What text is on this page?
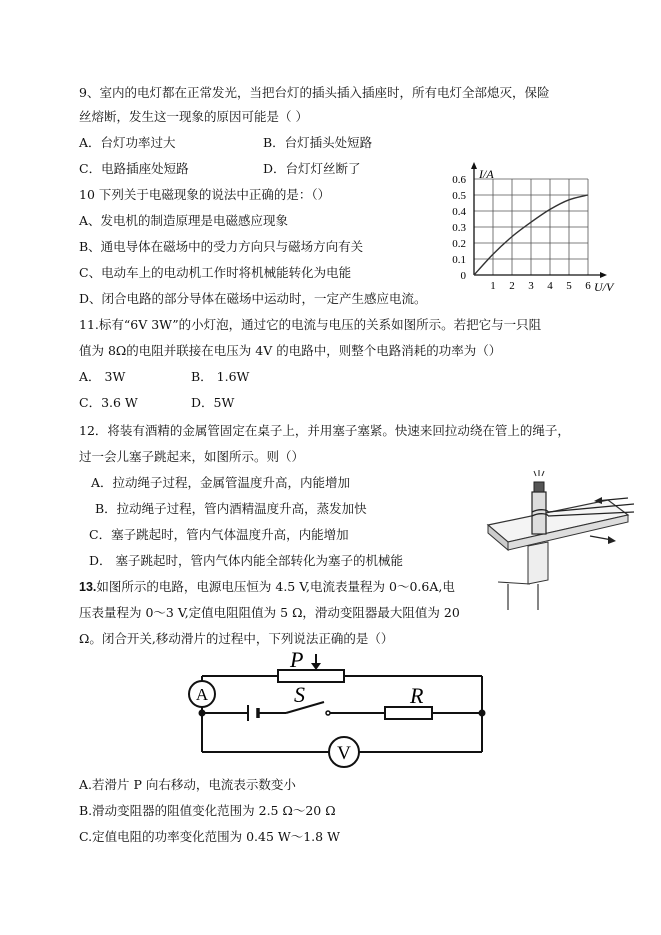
9、室内的电灯都在正常发光，当把台灯的插头插入插座时，所有电灯全部熄灭，保险
丝熔断，发生这一现象的原因可能是（ ）
A．台灯功率过大	B．台灯插头处短路
C．电路插座处短路	D．台灯灯丝断了
10 下列关于电磁现象的说法中正确的是：（）
A、发电机的制造原理是电磁感应现象
B、通电导体在磁场中的受力方向只与磁场方向有关
C、电动车上的电动机工作时将机械能转化为电能
D、闭合电路的部分导体在磁场中运动时，一定产生感应电流。
0.6
0.5
0.4
0.3
0.2
0.1
0
1 2 3 4 5 6
I/A
U/V
11.标有“6V 3W”的小灯泡，通过它的电流与电压的关系如图所示。若把它与一只阻
值为 8Ω的电阻并联接在电压为 4V 的电路中，则整个电路消耗的功率为（）
A． 3W	B． 1.6W
C．3.6 W	D．5W
12．将装有酒精的金属管固定在桌子上，并用塞子塞紧。快速来回拉动绕在管上的绳子，
过一会儿塞子跳起来，如图所示。则（）
A．拉动绳子过程，金属管温度升高，内能增加
B．拉动绳子过程，管内酒精温度升高，蒸发加快
C．塞子跳起时，管内气体温度升高，内能增加
D． 塞子跳起时，管内气体内能全部转化为塞子的机械能
13.如图所示的电路，电源电压恒为 4.5 V,电流表量程为 0～0.6A,电
压表量程为 0～3 V,定值电阻阻值为 5 Ω，滑动变阻器最大阻值为 20
Ω。闭合开关,移动滑片的过程中，下列说法正确的是（）
A
P
S	R
V
A.若滑片 P 向右移动，电流表示数变小
B.滑动变阻器的阻值变化范围为 2.5 Ω～20 Ω
C.定值电阻的功率变化范围为 0.45 W～1.8 W
